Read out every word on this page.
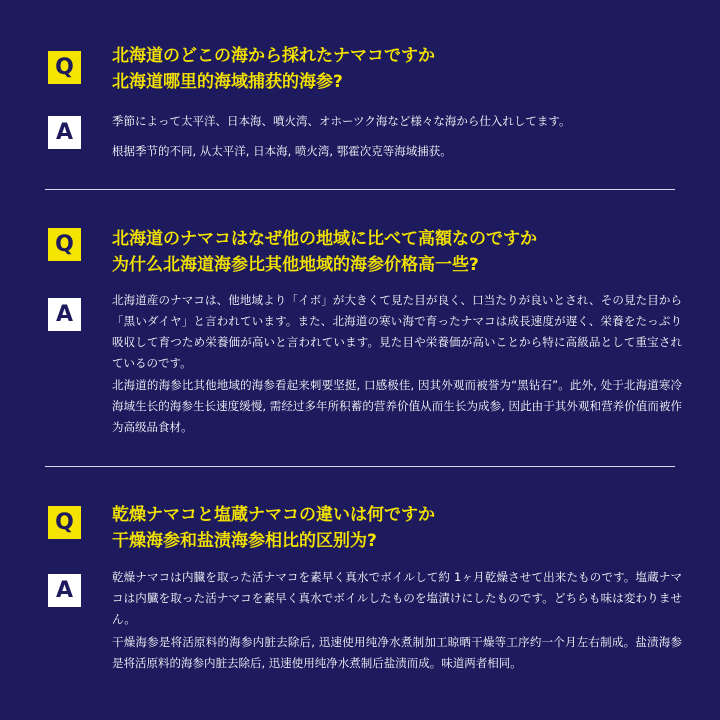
Q	北海道のどこの海から採れたナマコですか
北海道哪里的海域捕获的海参?
A	季節によって太平洋、日本海、噴火湾、オホーツク海など様々な海から仕入れしてます。
根据季节的不同, 从太平洋, 日本海, 喷火湾, 鄂霍次克等海域捕获。
Q	北海道のナマコはなぜ他の地域に比べて高額なのですか
为什么北海道海参比其他地域的海参价格高一些?
A
北海道産のナマコは、他地域より「イボ」が大きくて見た目が良く、口当たりが良いとされ、その見た目から「黒いダイヤ」と言われています。また、北海道の寒い海で育ったナマコは成長速度が遅く、栄養をたっぷり吸収して育つため栄養価が高いと言われています。見た目や栄養価が高いことから特に高級品として重宝されているのです。
北海道的海参比其他地域的海参看起来刺要坚挺, 口感极佳, 因其外观而被誉为“黑钻石”。此外, 处于北海道寒冷海域生长的海参生长速度缓慢, 需经过多年所积蓄的营养价值从而生长为成参, 因此由于其外观和营养价值而被作为高级品食材。
Q	乾燥ナマコと塩蔵ナマコの違いは何ですか
干燥海参和盐渍海参相比的区别为?
A
乾燥ナマコは内臓を取った活ナマコを素早く真水でボイルして約 1ヶ月乾燥させて出来たものです。塩蔵ナマコは内臓を取った活ナマコを素早く真水でボイルしたものを塩漬けにしたものです。どちらも味は変わりません。
干燥海参是将活原料的海参内脏去除后, 迅速使用纯净水煮制加工晾晒干燥等工序约一个月左右制成。盐渍海参是将活原料的海参内脏去除后, 迅速使用纯净水煮制后盐渍而成。味道两者相同。
